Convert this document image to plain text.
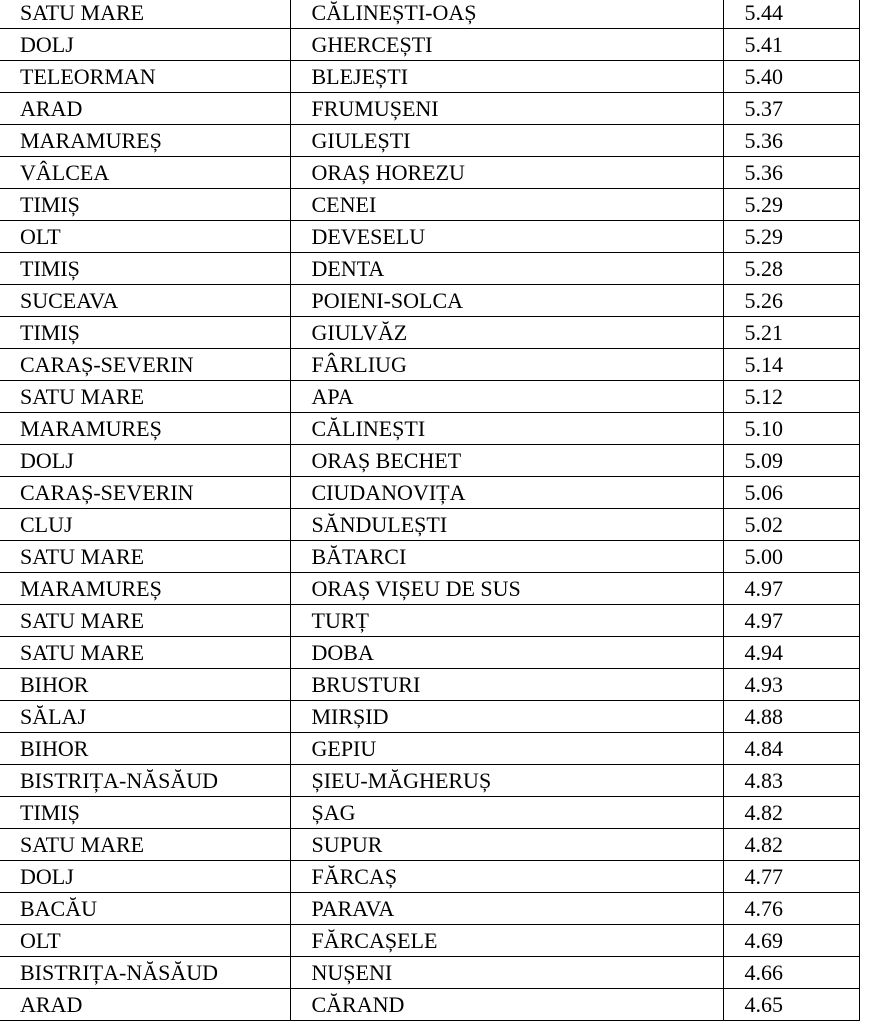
SATU MARE	CĂLINEȘTI-OAȘ	5.44
DOLJ	GHERCEȘTI	5.41
TELEORMAN	BLEJEȘTI	5.40
ARAD	FRUMUȘENI	5.37
MARAMUREȘ	GIULEȘTI	5.36
VÂLCEA	ORAȘ HOREZU	5.36
TIMIȘ	CENEI	5.29
OLT	DEVESELU	5.29
TIMIȘ	DENTA	5.28
SUCEAVA	POIENI-SOLCA	5.26
TIMIȘ	GIULVĂZ	5.21
CARAȘ-SEVERIN	FÂRLIUG	5.14
SATU MARE	APA	5.12
MARAMUREȘ	CĂLINEȘTI	5.10
DOLJ	ORAȘ BECHET	5.09
CARAȘ-SEVERIN	CIUDANOVIȚA	5.06
CLUJ	SĂNDULEȘTI	5.02
SATU MARE	BĂTARCI	5.00
MARAMUREȘ	ORAȘ VIȘEU DE SUS	4.97
SATU MARE	TURȚ	4.97
SATU MARE	DOBA	4.94
BIHOR	BRUSTURI	4.93
SĂLAJ	MIRȘID	4.88
BIHOR	GEPIU	4.84
BISTRIȚA-NĂSĂUD	ȘIEU-MĂGHERUȘ	4.83
TIMIȘ	ȘAG	4.82
SATU MARE	SUPUR	4.82
DOLJ	FĂRCAȘ	4.77
BACĂU	PARAVA	4.76
OLT	FĂRCAȘELE	4.69
BISTRIȚA-NĂSĂUD	NUȘENI	4.66
ARAD	CĂRAND	4.65
